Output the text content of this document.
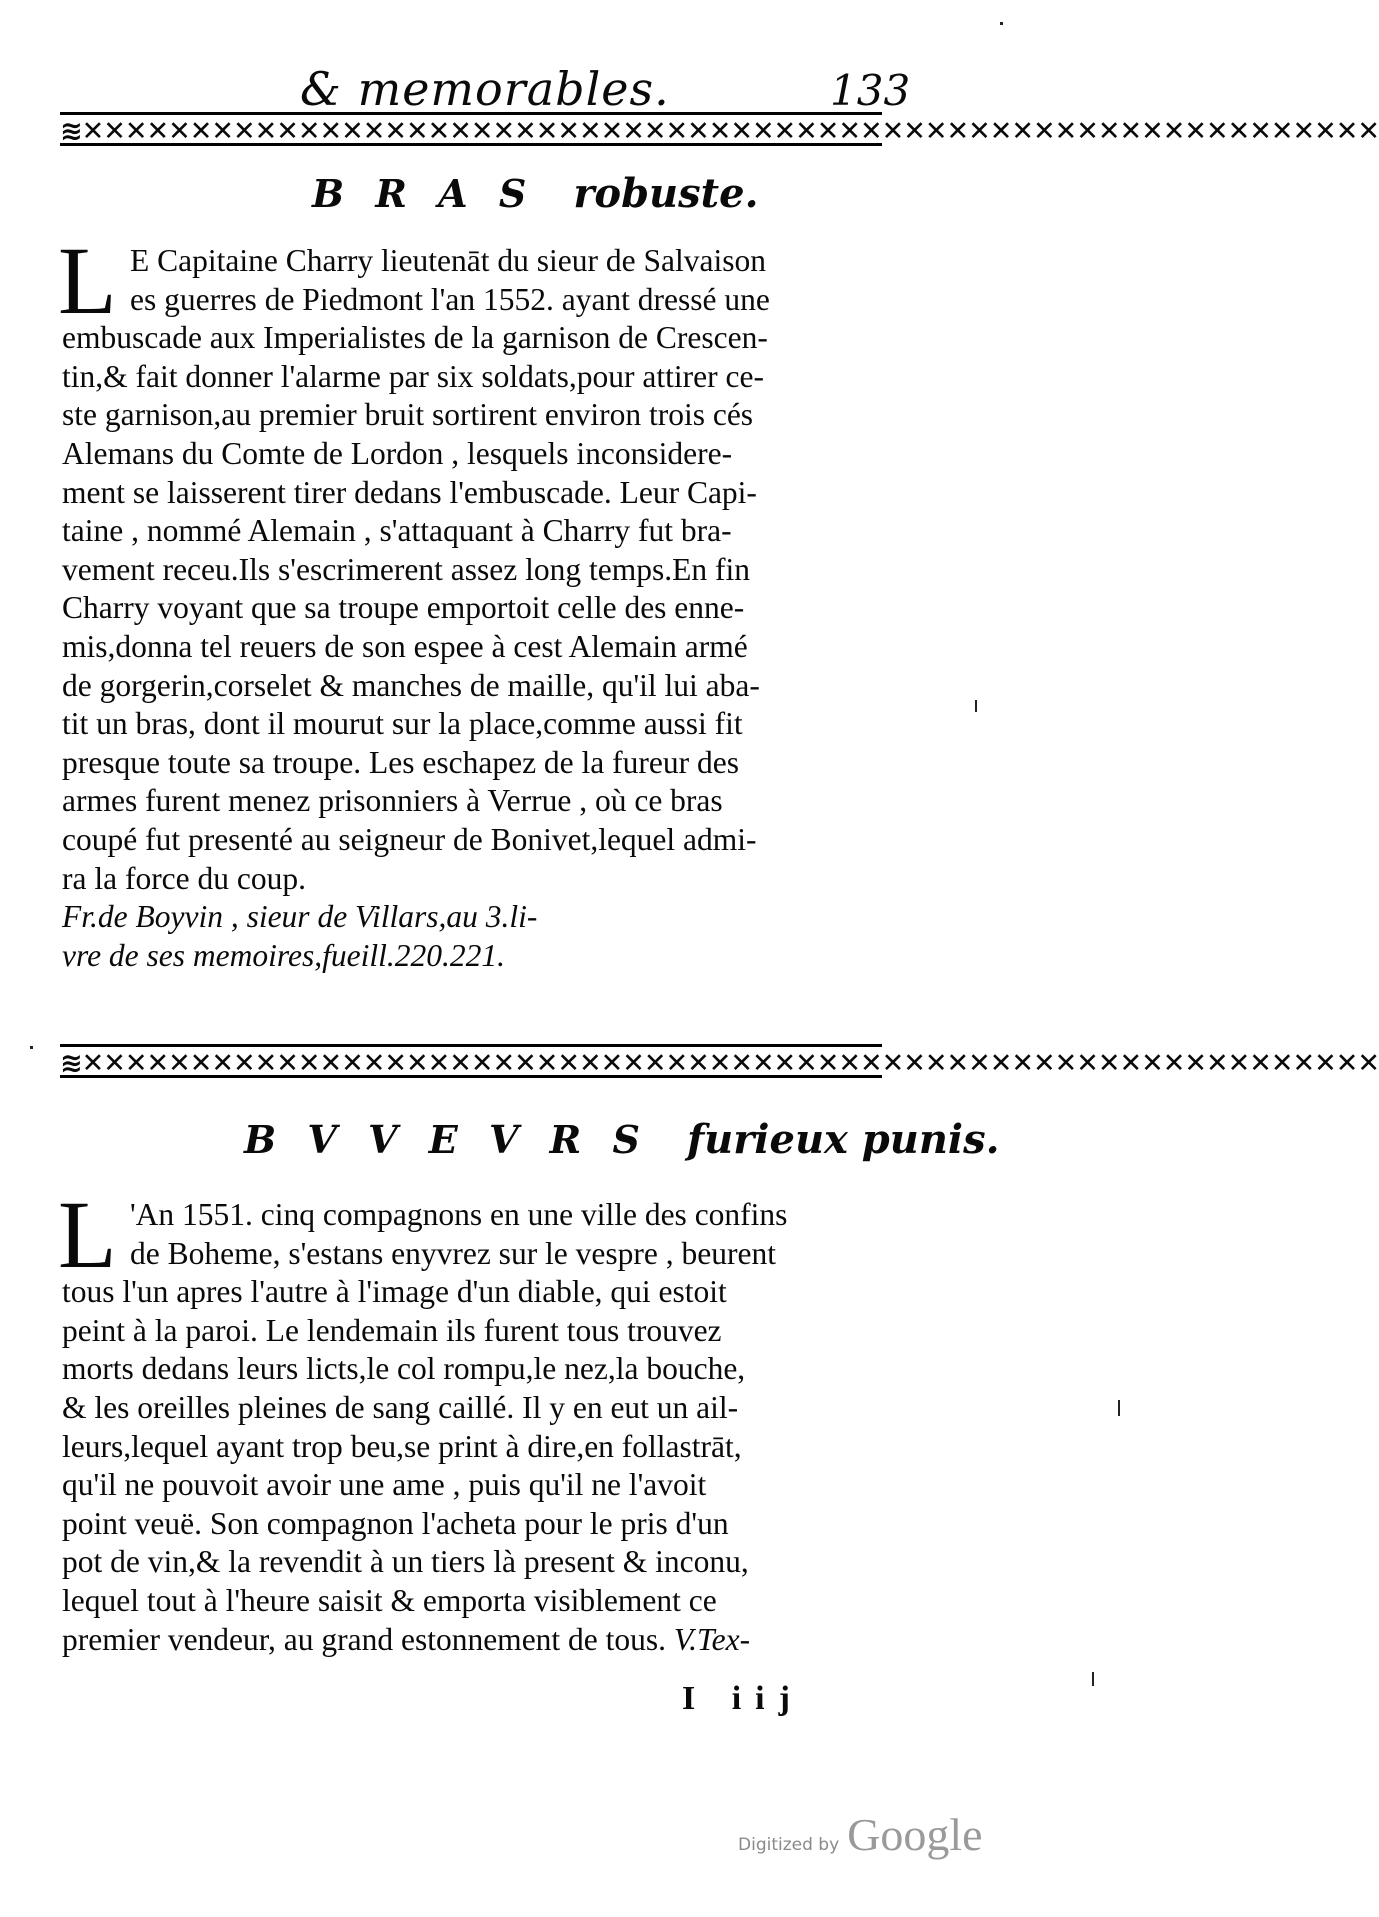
& memorables.	133
≋✕✕✕✕✕✕✕✕✕✕✕✕✕✕✕✕✕✕✕✕✕✕✕✕✕✕✕✕✕✕✕✕✕✕✕✕✕✕✕✕✕✕✕✕✕✕✕✕✕✕✕✕✕✕✕✕✕✕✕✕
B R A S robuste.
L E Capitaine Charry lieutenāt du sieur de Salvaison
es guerres de Piedmont l'an 1552. ayant dressé une
embuscade aux Imperialistes de la garnison de Crescen-
tin,& fait donner l'alarme par six soldats,pour attirer ce-
ste garnison,au premier bruit sortirent environ trois cés
Alemans du Comte de Lordon , lesquels inconsiderе-
ment se laisserent tirer dedans l'embuscade. Leur Capi-
taine , nommé Alemain , s'attaquant à Charry fut bra-
vement receu.Ils s'escrimerent assez long temps.En fin
Charry voyant que sa troupe emportoit celle des enne-
mis,donna tel reuers de son espee à cest Alemain armé
de gorgerin,corselet & manches de maille, qu'il lui aba-
tit un bras, dont il mourut sur la place,comme aussi fit
presque toute sa troupe. Les eschapez de la fureur des
armes furent menez prisonniers à Verrue , où ce bras
coupé fut presenté au seigneur de Bonivet,lequel admi-
ra la force du coup.
Fr.de Boyvin , sieur de Villars,au 3.li-
vre de ses memoires,fueill.220.221.
≋✕✕✕✕✕✕✕✕✕✕✕✕✕✕✕✕✕✕✕✕✕✕✕✕✕✕✕✕✕✕✕✕✕✕✕✕✕✕✕✕✕✕✕✕✕✕✕✕✕✕✕✕✕✕✕✕✕✕✕✕
B V V E V R S furieux punis.
L 'An 1551. cinq compagnons en une ville des confins
de Boheme, s'estans enyvrez sur le vespre , beurent
tous l'un apres l'autre à l'image d'un diable, qui estoit
peint à la paroi. Le lendemain ils furent tous trouvez
morts dedans leurs licts,le col rompu,le nez,la bouche,
& les oreilles pleines de sang caillé. Il y en eut un ail-
leurs,lequel ayant trop beu,se print à dire,en follastrāt,
qu'il ne pouvoit avoir une ame , puis qu'il ne l'avoit
point veuë. Son compagnon l'acheta pour le pris d'un
pot de vin,& la revendit à un tiers là present & inconu,
lequel tout à l'heure saisit & emporta visiblement ce
premier vendeur, au grand estonnement de tous. V.Tex-
I iij
Digitized by Google
